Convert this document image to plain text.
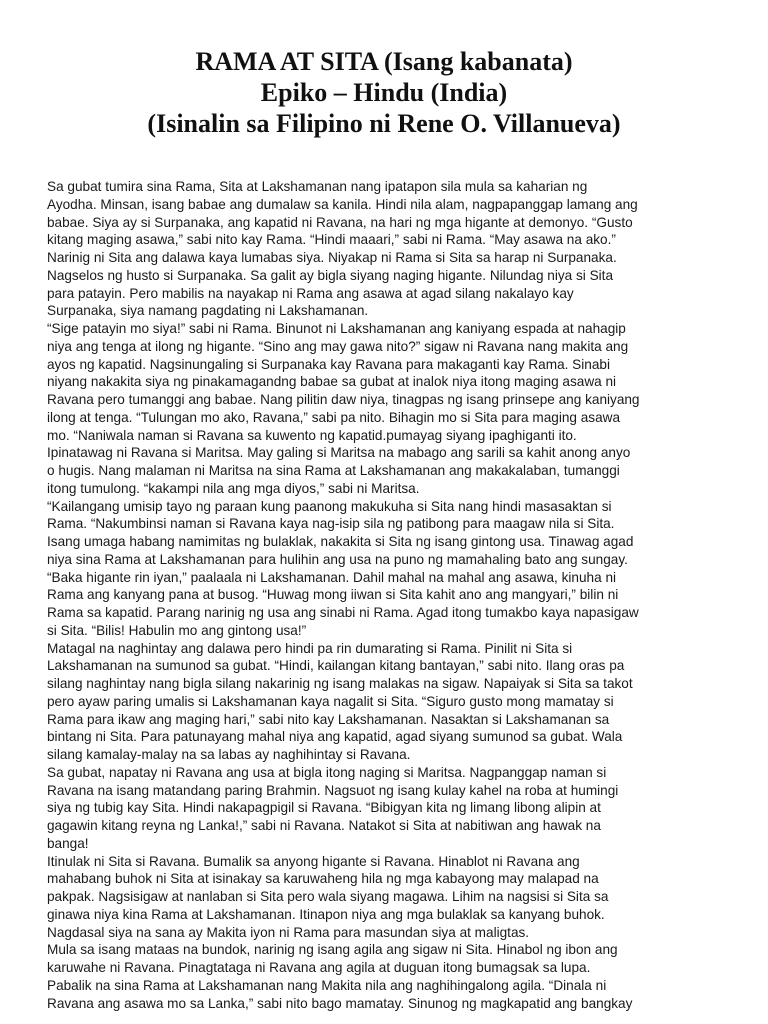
RAMA AT SITA (Isang kabanata)
Epiko – Hindu (India)
(Isinalin sa Filipino ni Rene O. Villanueva)
Sa gubat tumira sina Rama, Sita at Lakshamanan nang ipatapon sila mula sa kaharian ng
Ayodha. Minsan, isang babae ang dumalaw sa kanila. Hindi nila alam, nagpapanggap lamang ang
babae. Siya ay si Surpanaka, ang kapatid ni Ravana, na hari ng mga higante at demonyo. “Gusto
kitang maging asawa,” sabi nito kay Rama. “Hindi maaari,” sabi ni Rama. “May asawa na ako.”
Narinig ni Sita ang dalawa kaya lumabas siya. Niyakap ni Rama si Sita sa harap ni Surpanaka.
Nagselos ng husto si Surpanaka. Sa galit ay bigla siyang naging higante. Nilundag niya si Sita
para patayin. Pero mabilis na nayakap ni Rama ang asawa at agad silang nakalayo kay
Surpanaka, siya namang pagdating ni Lakshamanan.
“Sige patayin mo siya!” sabi ni Rama. Binunot ni Lakshamanan ang kaniyang espada at nahagip
niya ang tenga at ilong ng higante. “Sino ang may gawa nito?” sigaw ni Ravana nang makita ang
ayos ng kapatid. Nagsinungaling si Surpanaka kay Ravana para makaganti kay Rama. Sinabi
niyang nakakita siya ng pinakamagandng babae sa gubat at inalok niya itong maging asawa ni
Ravana pero tumanggi ang babae. Nang pilitin daw niya, tinagpas ng isang prinsepe ang kaniyang
ilong at tenga. “Tulungan mo ako, Ravana,” sabi pa nito. Bihagin mo si Sita para maging asawa
mo. “Naniwala naman si Ravana sa kuwento ng kapatid.pumayag siyang ipaghiganti ito.
Ipinatawag ni Ravana si Maritsa. May galing si Maritsa na mabago ang sarili sa kahit anong anyo
o hugis. Nang malaman ni Maritsa na sina Rama at Lakshamanan ang makakalaban, tumanggi
itong tumulong. “kakampi nila ang mga diyos,” sabi ni Maritsa.
“Kailangang umisip tayo ng paraan kung paanong makukuha si Sita nang hindi masasaktan si
Rama. “Nakumbinsi naman si Ravana kaya nag-isip sila ng patibong para maagaw nila si Sita.
Isang umaga habang namimitas ng bulaklak, nakakita si Sita ng isang gintong usa. Tinawag agad
niya sina Rama at Lakshamanan para hulihin ang usa na puno ng mamahaling bato ang sungay.
“Baka higante rin iyan,” paalaala ni Lakshamanan. Dahil mahal na mahal ang asawa, kinuha ni
Rama ang kanyang pana at busog. “Huwag mong iiwan si Sita kahit ano ang mangyari,” bilin ni
Rama sa kapatid. Parang narinig ng usa ang sinabi ni Rama. Agad itong tumakbo kaya napasigaw
si Sita. “Bilis! Habulin mo ang gintong usa!”
Matagal na naghintay ang dalawa pero hindi pa rin dumarating si Rama. Pinilit ni Sita si
Lakshamanan na sumunod sa gubat. “Hindi, kailangan kitang bantayan,” sabi nito. Ilang oras pa
silang naghintay nang bigla silang nakarinig ng isang malakas na sigaw. Napaiyak si Sita sa takot
pero ayaw paring umalis si Lakshamanan kaya nagalit si Sita. “Siguro gusto mong mamatay si
Rama para ikaw ang maging hari,” sabi nito kay Lakshamanan. Nasaktan si Lakshamanan sa
bintang ni Sita. Para patunayang mahal niya ang kapatid, agad siyang sumunod sa gubat. Wala
silang kamalay-malay na sa labas ay naghihintay si Ravana.
Sa gubat, napatay ni Ravana ang usa at bigla itong naging si Maritsa. Nagpanggap naman si
Ravana na isang matandang paring Brahmin. Nagsuot ng isang kulay kahel na roba at humingi
siya ng tubig kay Sita. Hindi nakapagpigil si Ravana. “Bibigyan kita ng limang libong alipin at
gagawin kitang reyna ng Lanka!,” sabi ni Ravana. Natakot si Sita at nabitiwan ang hawak na
banga!
Itinulak ni Sita si Ravana. Bumalik sa anyong higante si Ravana. Hinablot ni Ravana ang
mahabang buhok ni Sita at isinakay sa karuwaheng hila ng mga kabayong may malapad na
pakpak. Nagsisigaw at nanlaban si Sita pero wala siyang magawa. Lihim na nagsisi si Sita sa
ginawa niya kina Rama at Lakshamanan. Itinapon niya ang mga bulaklak sa kanyang buhok.
Nagdasal siya na sana ay Makita iyon ni Rama para masundan siya at maligtas.
Mula sa isang mataas na bundok, narinig ng isang agila ang sigaw ni Sita. Hinabol ng ibon ang
karuwahe ni Ravana. Pinagtataga ni Ravana ang agila at duguan itong bumagsak sa lupa.
Pabalik na sina Rama at Lakshamanan nang Makita nila ang naghihingalong agila. “Dinala ni
Ravana ang asawa mo sa Lanka,” sabi nito bago mamatay. Sinunog ng magkapatid ang bangkay
